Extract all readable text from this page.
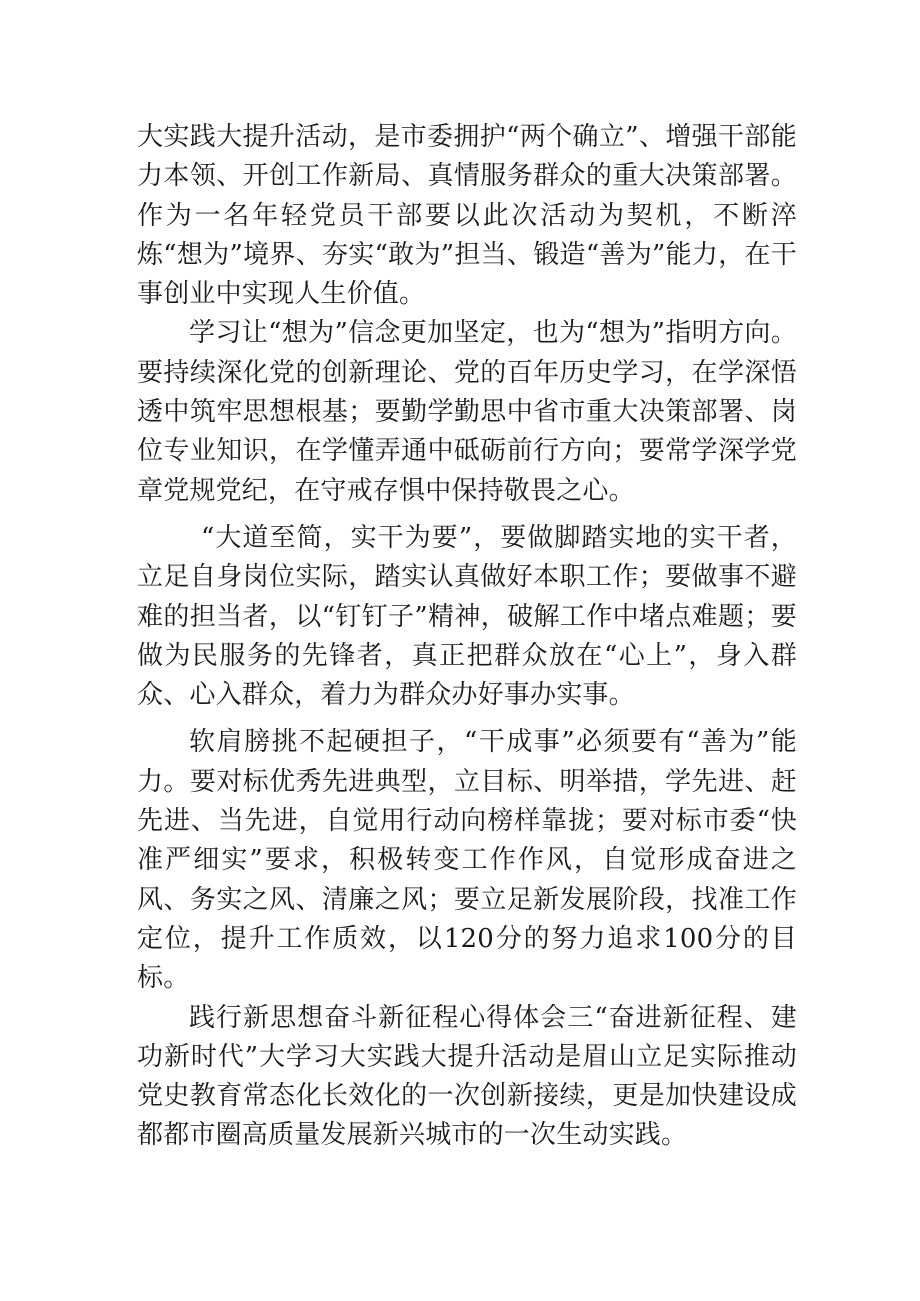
大实践大提升活动，是市委拥护“两个确立”、增强干部能力本领、开创工作新局、真情服务群众的重大决策部署。作为一名年轻党员干部要以此次活动为契机，不断淬炼“想为”境界、夯实“敢为”担当、锻造“善为”能力，在干事创业中实现人生价值。

学习让“想为”信念更加坚定，也为“想为”指明方向。要持续深化党的创新理论、党的百年历史学习，在学深悟透中筑牢思想根基；要勤学勤思中省市重大决策部署、岗位专业知识，在学懂弄通中砥砺前行方向；要常学深学党章党规党纪，在守戒存惧中保持敬畏之心。

“大道至简，实干为要”，要做脚踏实地的实干者，立足自身岗位实际，踏实认真做好本职工作；要做事不避难的担当者，以“钉钉子”精神，破解工作中堵点难题；要做为民服务的先锋者，真正把群众放在“心上”，身入群众、心入群众，着力为群众办好事办实事。

软肩膀挑不起硬担子，“干成事”必须要有“善为”能力。要对标优秀先进典型，立目标、明举措，学先进、赶先进、当先进，自觉用行动向榜样靠拢；要对标市委“快准严细实”要求，积极转变工作作风，自觉形成奋进之风、务实之风、清廉之风；要立足新发展阶段，找准工作定位，提升工作质效，以120分的努力追求100分的目标。

践行新思想奋斗新征程心得体会三“奋进新征程、建功新时代”大学习大实践大提升活动是眉山立足实际推动党史教育常态化长效化的一次创新接续，更是加快建设成都都市圈高质量发展新兴城市的一次生动实践。
